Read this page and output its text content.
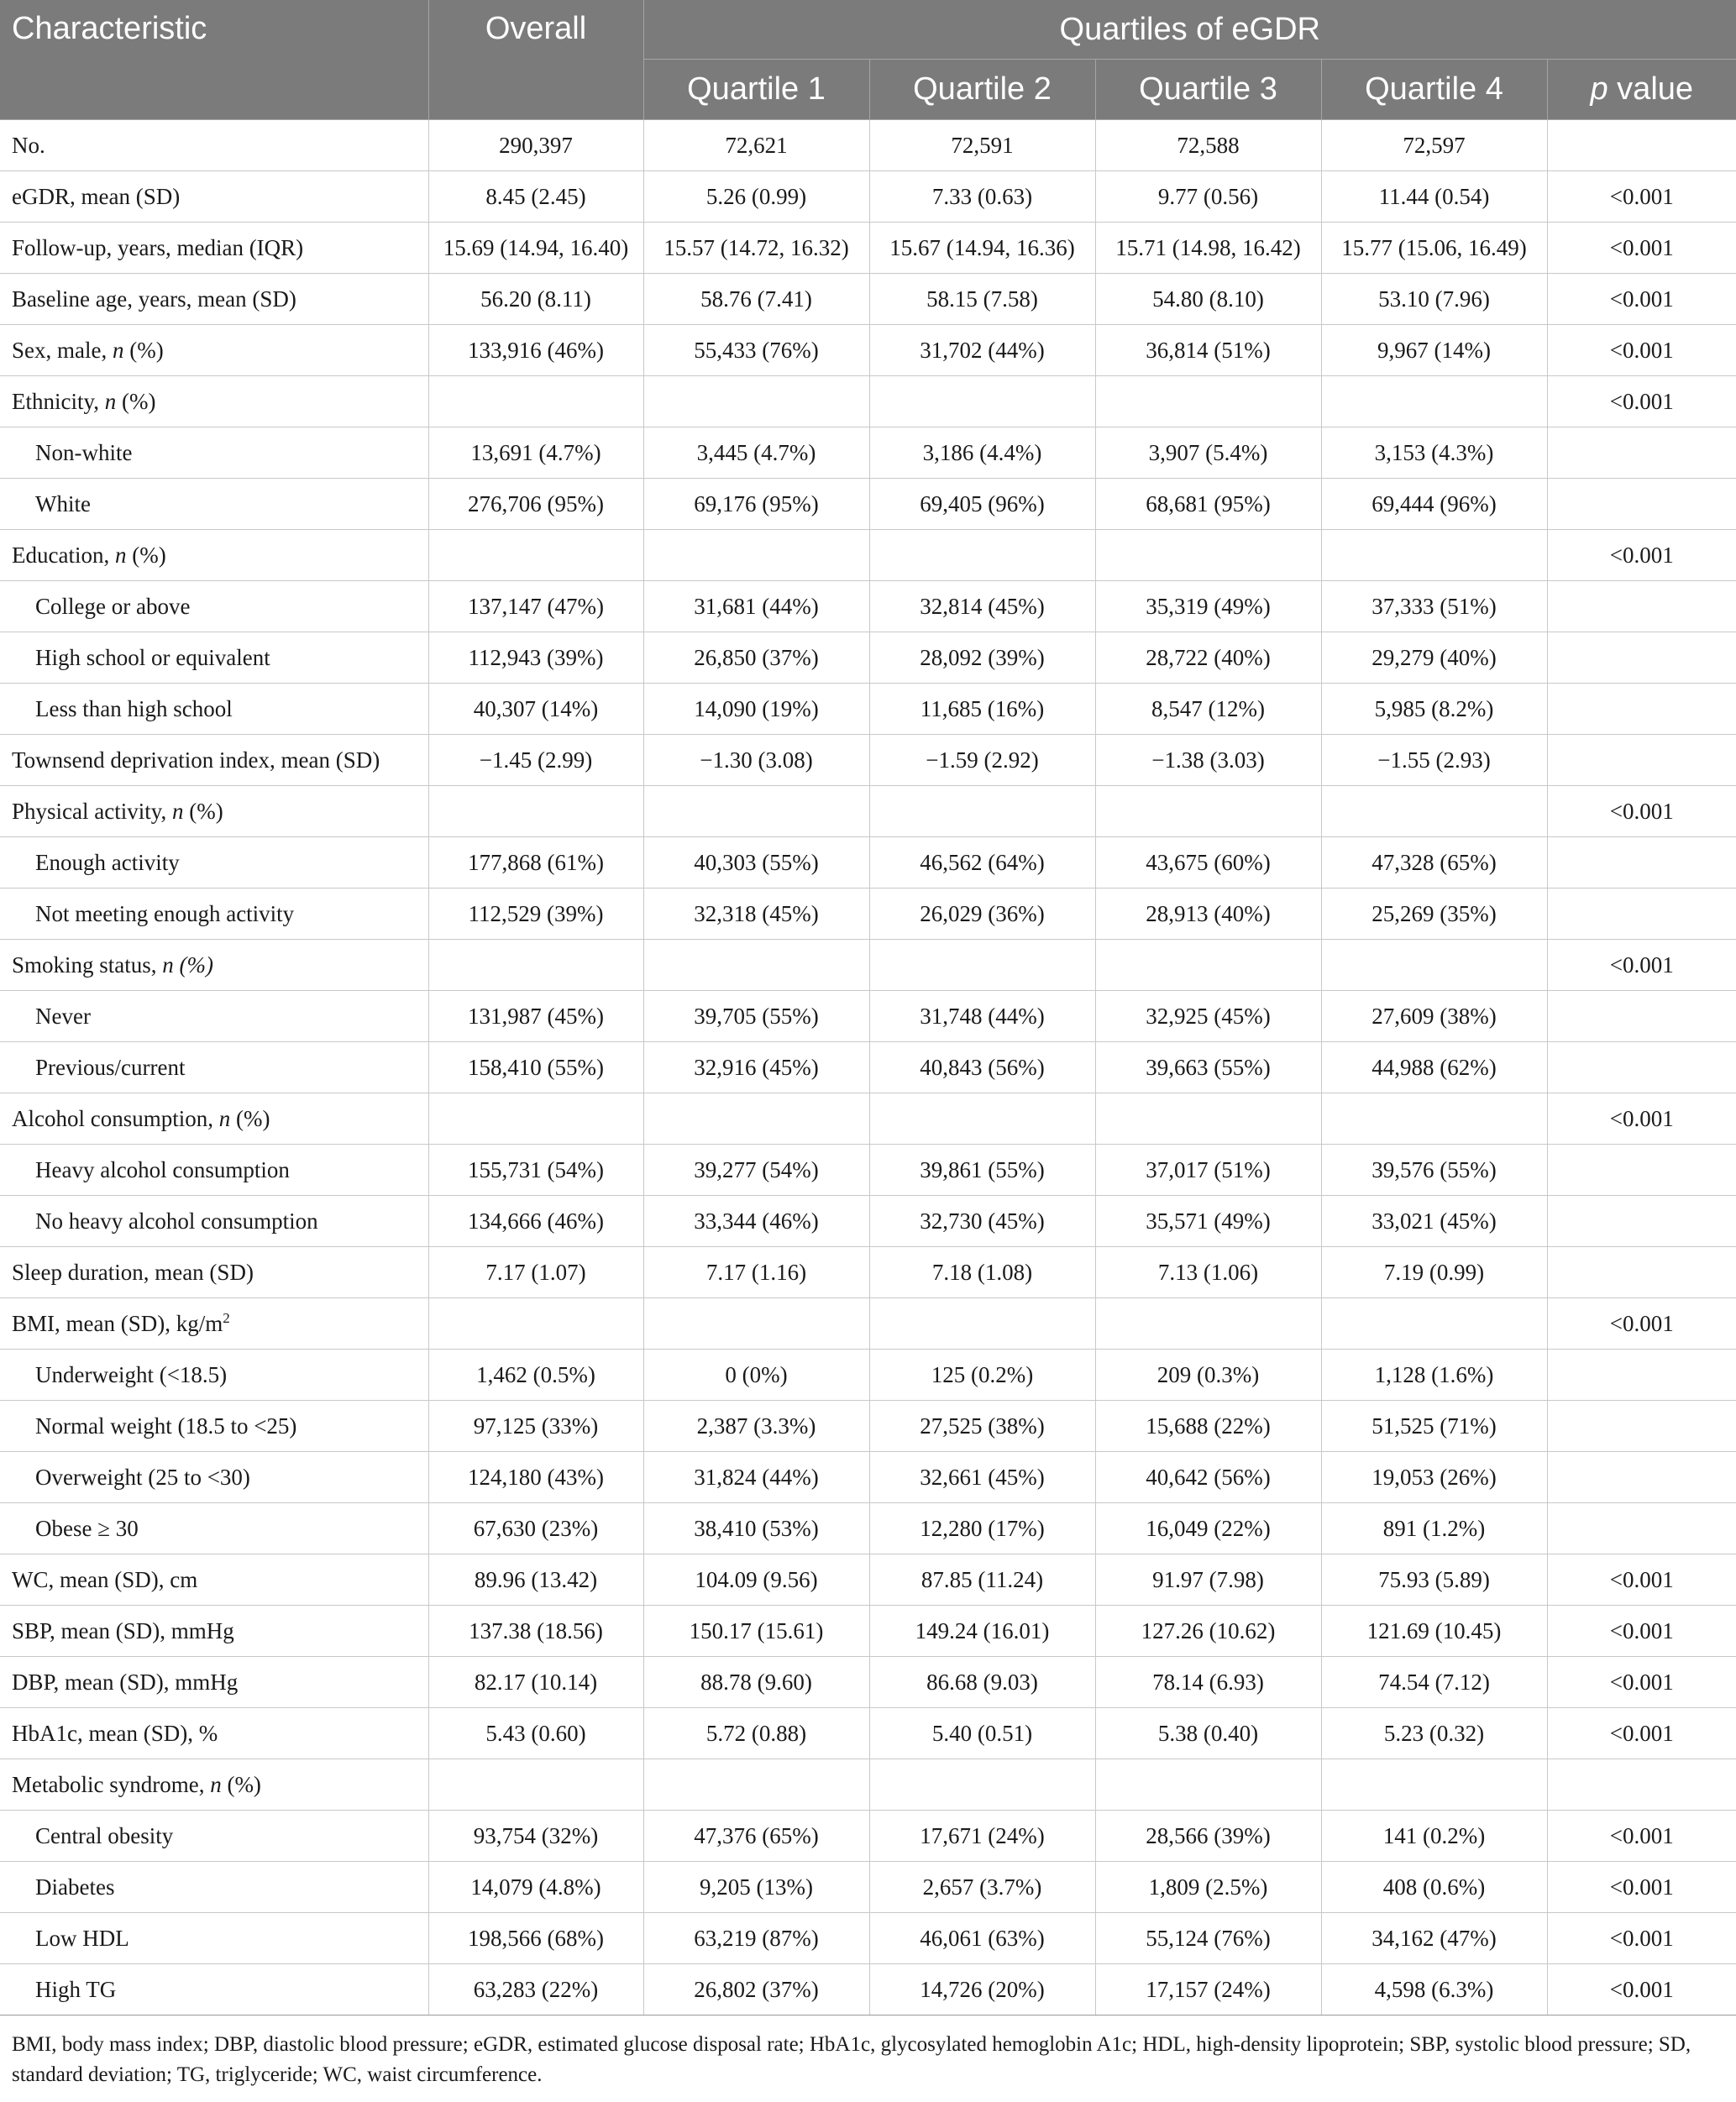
Characteristic	Overall	Quartiles of eGDR				
		Quartile 1	Quartile 2	Quartile 3	Quartile 4	p value
No.	290,397	72,621	72,591	72,588	72,597	
eGDR, mean (SD)	8.45 (2.45)	5.26 (0.99)	7.33 (0.63)	9.77 (0.56)	11.44 (0.54)	<0.001
Follow-up, years, median (IQR)	15.69 (14.94, 16.40)	15.57 (14.72, 16.32)	15.67 (14.94, 16.36)	15.71 (14.98, 16.42)	15.77 (15.06, 16.49)	<0.001
Baseline age, years, mean (SD)	56.20 (8.11)	58.76 (7.41)	58.15 (7.58)	54.80 (8.10)	53.10 (7.96)	<0.001
Sex, male, n (%)	133,916 (46%)	55,433 (76%)	31,702 (44%)	36,814 (51%)	9,967 (14%)	<0.001
Ethnicity, n (%)						<0.001
Non-white	13,691 (4.7%)	3,445 (4.7%)	3,186 (4.4%)	3,907 (5.4%)	3,153 (4.3%)	
White	276,706 (95%)	69,176 (95%)	69,405 (96%)	68,681 (95%)	69,444 (96%)	
Education, n (%)						<0.001
College or above	137,147 (47%)	31,681 (44%)	32,814 (45%)	35,319 (49%)	37,333 (51%)	
High school or equivalent	112,943 (39%)	26,850 (37%)	28,092 (39%)	28,722 (40%)	29,279 (40%)	
Less than high school	40,307 (14%)	14,090 (19%)	11,685 (16%)	8,547 (12%)	5,985 (8.2%)	
Townsend deprivation index, mean (SD)	−1.45 (2.99)	−1.30 (3.08)	−1.59 (2.92)	−1.38 (3.03)	−1.55 (2.93)	
Physical activity, n (%)						<0.001
Enough activity	177,868 (61%)	40,303 (55%)	46,562 (64%)	43,675 (60%)	47,328 (65%)	
Not meeting enough activity	112,529 (39%)	32,318 (45%)	26,029 (36%)	28,913 (40%)	25,269 (35%)	
Smoking status, n (%)						<0.001
Never	131,987 (45%)	39,705 (55%)	31,748 (44%)	32,925 (45%)	27,609 (38%)	
Previous/current	158,410 (55%)	32,916 (45%)	40,843 (56%)	39,663 (55%)	44,988 (62%)	
Alcohol consumption, n (%)						<0.001
Heavy alcohol consumption	155,731 (54%)	39,277 (54%)	39,861 (55%)	37,017 (51%)	39,576 (55%)	
No heavy alcohol consumption	134,666 (46%)	33,344 (46%)	32,730 (45%)	35,571 (49%)	33,021 (45%)	
Sleep duration, mean (SD)	7.17 (1.07)	7.17 (1.16)	7.18 (1.08)	7.13 (1.06)	7.19 (0.99)	
BMI, mean (SD), $kg/m^2$						<0.001
Underweight (<18.5)	1,462 (0.5%)	0 (0%)	125 (0.2%)	209 (0.3%)	1,128 (1.6%)	
Normal weight (18.5 to <25)	97,125 (33%)	2,387 (3.3%)	27,525 (38%)	15,688 (22%)	51,525 (71%)	
Overweight (25 to <30)	124,180 (43%)	31,824 (44%)	32,661 (45%)	40,642 (56%)	19,053 (26%)	
Obese ≥ 30	67,630 (23%)	38,410 (53%)	12,280 (17%)	16,049 (22%)	891 (1.2%)	
WC, mean (SD), cm	89.96 (13.42)	104.09 (9.56)	87.85 (11.24)	91.97 (7.98)	75.93 (5.89)	<0.001
SBP, mean (SD), mmHg	137.38 (18.56)	150.17 (15.61)	149.24 (16.01)	127.26 (10.62)	121.69 (10.45)	<0.001
DBP, mean (SD), mmHg	82.17 (10.14)	88.78 (9.60)	86.68 (9.03)	78.14 (6.93)	74.54 (7.12)	<0.001
HbA1c, mean (SD), %	5.43 (0.60)	5.72 (0.88)	5.40 (0.51)	5.38 (0.40)	5.23 (0.32)	<0.001
Metabolic syndrome, n (%)						
Central obesity	93,754 (32%)	47,376 (65%)	17,671 (24%)	28,566 (39%)	141 (0.2%)	<0.001
Diabetes	14,079 (4.8%)	9,205 (13%)	2,657 (3.7%)	1,809 (2.5%)	408 (0.6%)	<0.001
Low HDL	198,566 (68%)	63,219 (87%)	46,061 (63%)	55,124 (76%)	34,162 (47%)	<0.001
High TG	63,283 (22%)	26,802 (37%)	14,726 (20%)	17,157 (24%)	4,598 (6.3%)	<0.001
BMI, body mass index; DBP, diastolic blood pressure; eGDR, estimated glucose disposal rate; HbA1c, glycosylated hemoglobin A1c; HDL, high-density lipoprotein; SBP, systolic blood pressure; SD, standard deviation; TG, triglyceride; WC, waist circumference.
